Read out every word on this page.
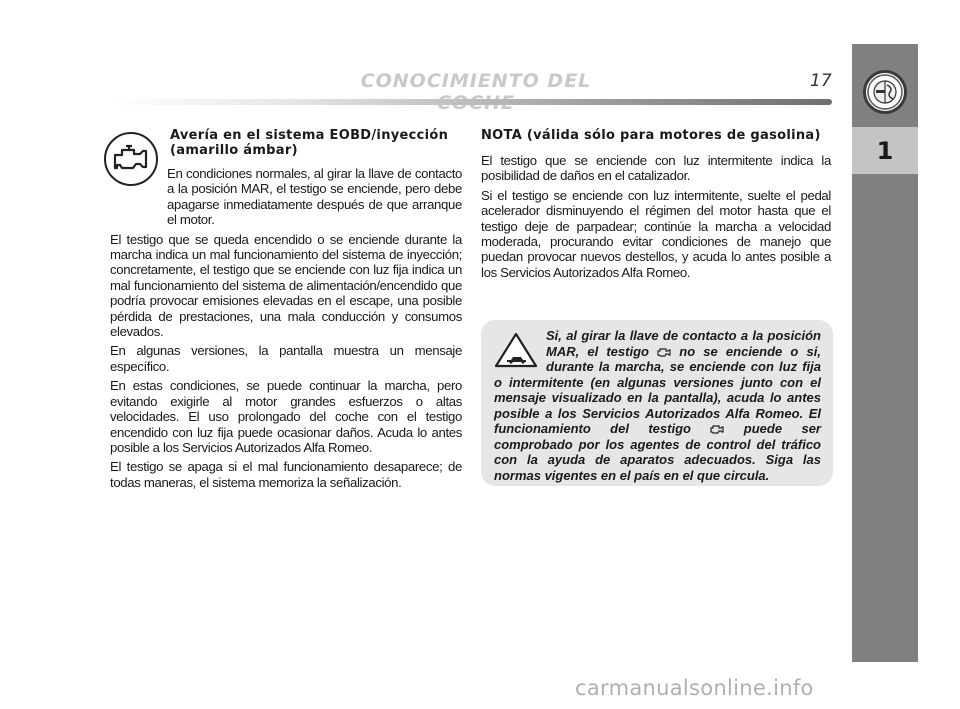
CONOCIMIENTO DEL	17
1
Avería en el sistema EOBD/inyección (amarillo ámbar)

En condiciones normales, al girar la llave de contacto a la posición MAR, el testigo se enciende, pero debe apagarse inmediatamente después de que arranque el motor.

El testigo que se queda encendido o se enciende durante la marcha indica un mal funcionamiento del sistema de inyección; concretamente, el testigo que se enciende con luz fija indica un mal funcionamiento del sistema de alimentación/encendido que podría provocar emisiones elevadas en el escape, una posible pérdida de prestaciones, una mala conducción y consumos elevados.

En algunas versiones, la pantalla muestra un mensaje específico.

En estas condiciones, se puede continuar la marcha, pero evitando exigirle al motor grandes esfuerzos o altas velocidades. El uso prolongado del coche con el testigo encendido con luz fija puede ocasionar daños. Acuda lo antes posible a los Servicios Autorizados Alfa Romeo.

El testigo se apaga si el mal funcionamiento desaparece; de todas maneras, el sistema memoriza la señalización.

NOTA (válida sólo para motores de gasolina)

El testigo que se enciende con luz intermitente indica la posibilidad de daños en el catalizador.

Si el testigo se enciende con luz intermitente, suelte el pedal acelerador disminuyendo el régimen del motor hasta que el testigo deje de parpadear; continúe la marcha a velocidad moderada, procurando evitar condiciones de manejo que puedan provocar nuevos destellos, y acuda lo antes posible a los Servicios Autorizados Alfa Romeo.

Si, al girar la llave de contacto a la posición MAR, el testigo no se enciende o si, durante la marcha, se enciende con luz fija o intermitente (en algunas versiones junto con el mensaje visualizado en la pantalla), acuda lo antes posible a los Servicios Autorizados Alfa Romeo. El funcionamiento del testigo	puede ser comprobado por los agentes de control del tráfico con la ayuda de aparatos adecuados. Siga las normas vigentes en el país en el que circula.
carmanualsonline.info
